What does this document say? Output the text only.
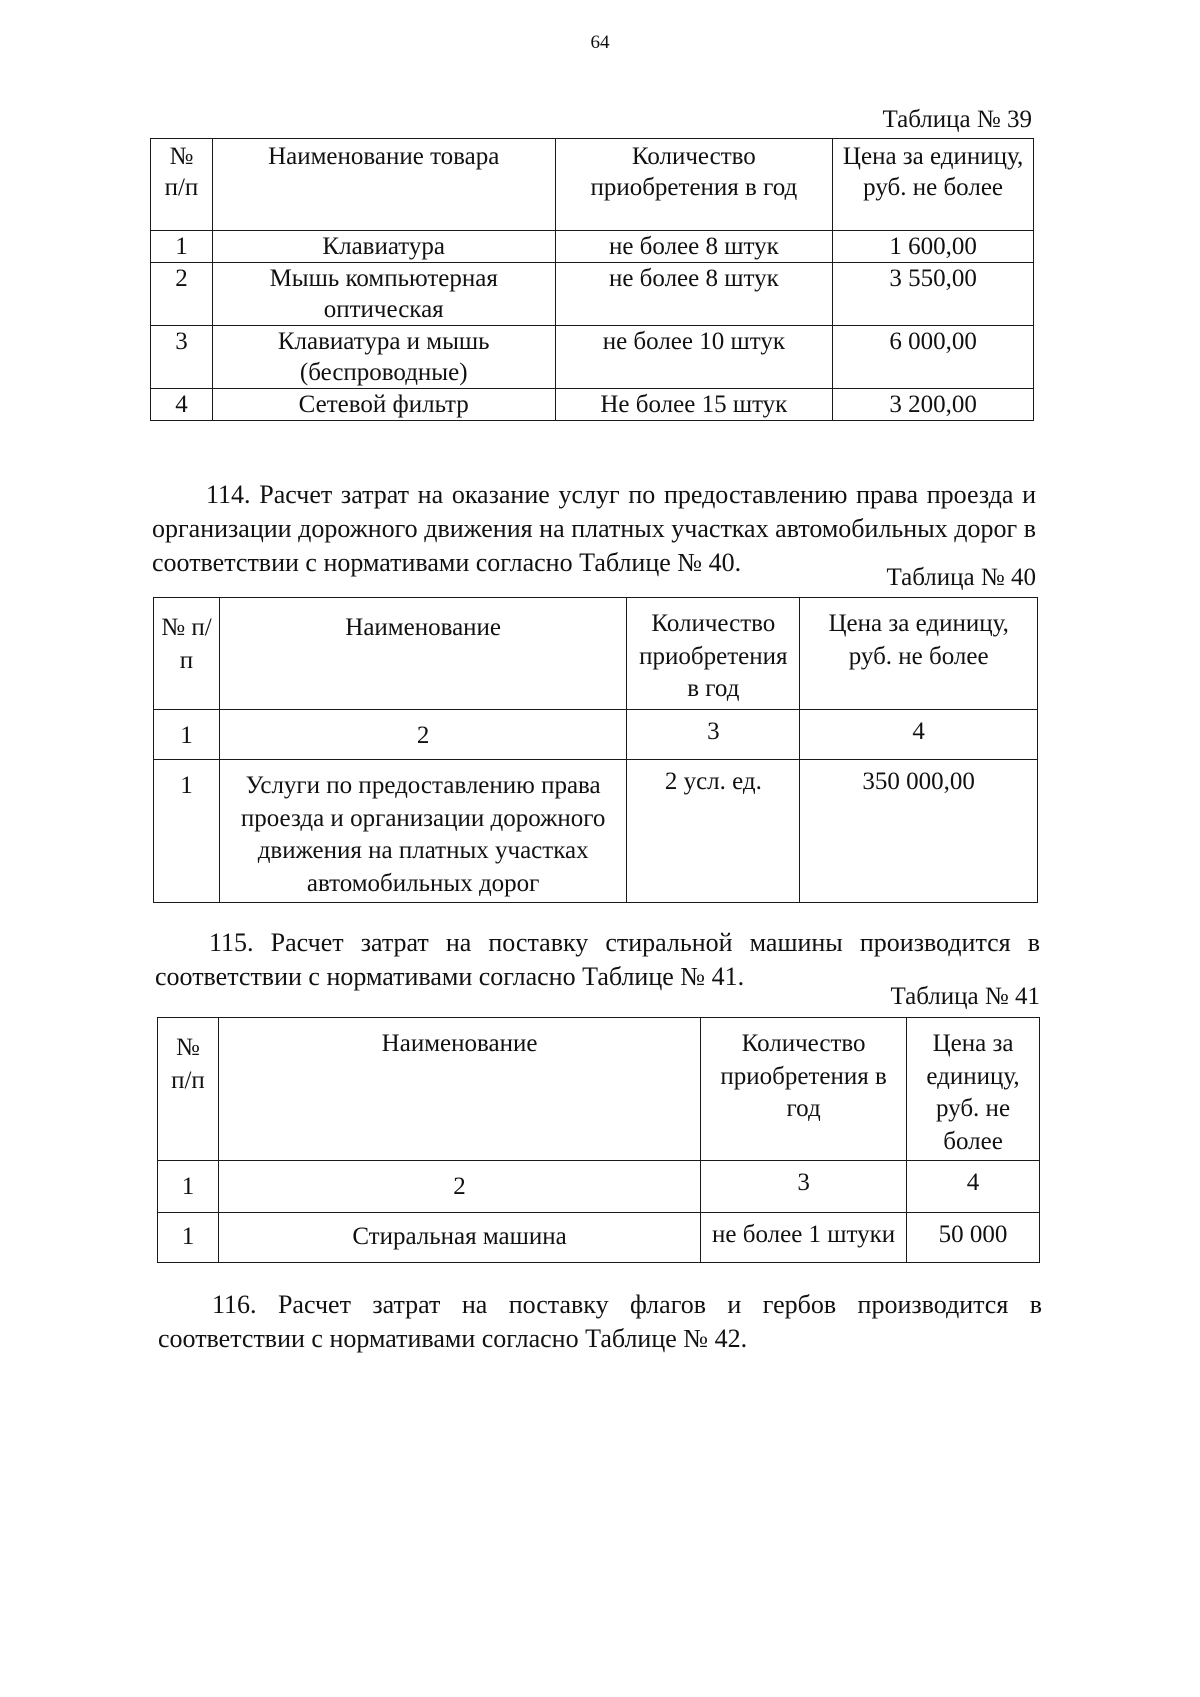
64
Таблица № 39
№ п/п	Наименование товара	Количество приобретения в год	Цена за единицу, руб. не более
1	Клавиатура	не более 8 штук	1 600,00
2	Мышь компьютерная оптическая	не более 8 штук	3 550,00
3	Клавиатура и мышь (беспроводные)	не более 10 штук	6 000,00
4	Сетевой фильтр	Не более 15 штук	3 200,00
114. Расчет затрат на оказание услуг по предоставлению права проезда и организации дорожного движения на платных участках автомобильных дорог в соответствии с нормативами согласно Таблице № 40.
Таблица № 40
№ п/п	Наименование	Количество приобретения в год	Цена за единицу, руб. не более
1	2	3	4
1	Услуги по предоставлению права проезда и организации дорожного движения на платных участках автомобильных дорог	2 усл. ед.	350 000,00
115. Расчет затрат на поставку стиральной машины производится в соответствии с нормативами согласно Таблице № 41.
Таблица № 41
№ п/п	Наименование	Количество приобретения в год	Цена за единицу, руб. не более
1	2	3	4
1	Стиральная машина	не более 1 штуки	50 000
116. Расчет затрат на поставку флагов и гербов производится в соответствии с нормативами согласно Таблице № 42.
